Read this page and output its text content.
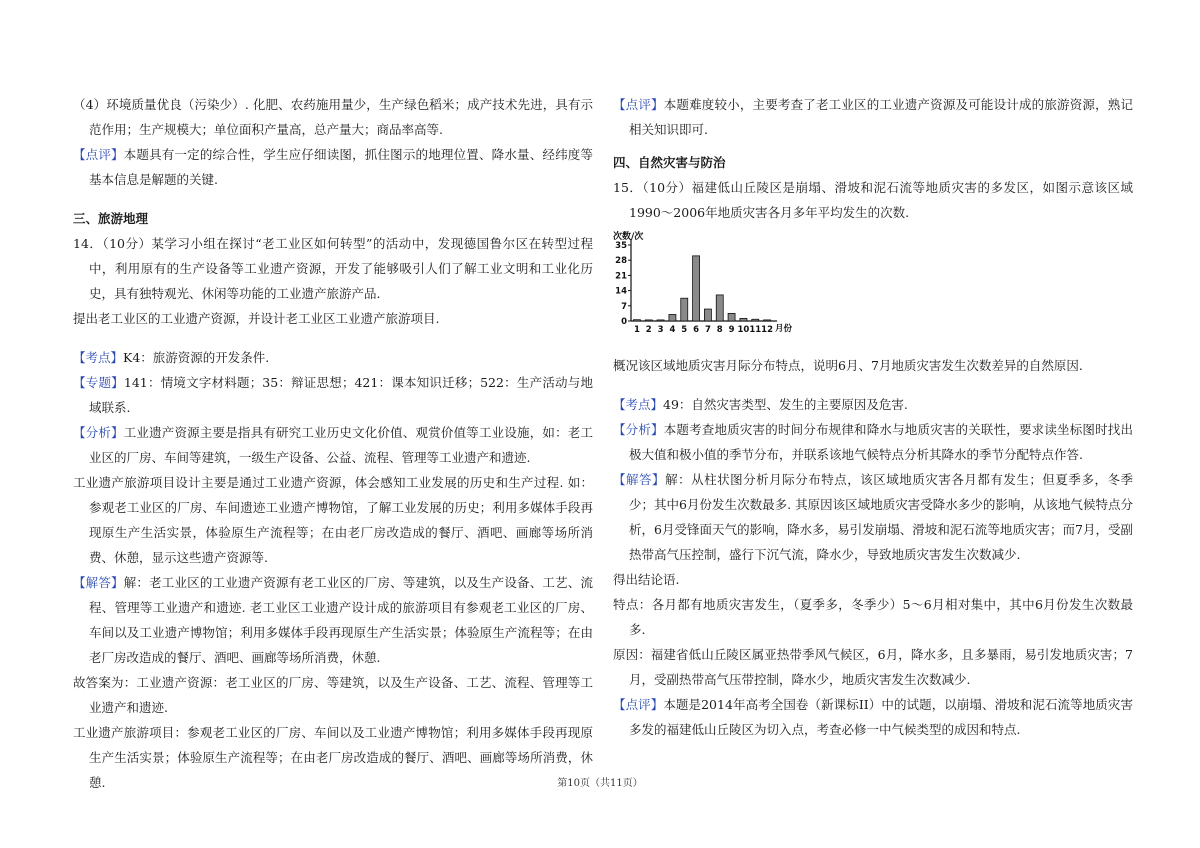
（4）环境质量优良（污染少）. 化肥、农药施用量少，生产绿色稻米；成产技术先进，具有示范作用；生产规模大；单位面积产量高，总产量大；商品率高等.

【点评】本题具有一定的综合性，学生应仔细读图，抓住图示的地理位置、降水量、经纬度等基本信息是解题的关键.

三、旅游地理

14．（10分）某学习小组在探讨“老工业区如何转型”的活动中，发现德国鲁尔区在转型过程中，利用原有的生产设备等工业遗产资源，开发了能够吸引人们了解工业文明和工业化历史，具有独特观光、休闲等功能的工业遗产旅游产品.

提出老工业区的工业遗产资源，并设计老工业区工业遗产旅游项目.

【考点】K4：旅游资源的开发条件.

【专题】141：情境文字材料题；35：辩证思想；421：课本知识迁移；522：生产活动与地域联系.

【分析】工业遗产资源主要是指具有研究工业历史文化价值、观赏价值等工业设施，如：老工业区的厂房、车间等建筑，一级生产设备、公益、流程、管理等工业遗产和遗迹.

工业遗产旅游项目设计主要是通过工业遗产资源，体会感知工业发展的历史和生产过程. 如：参观老工业区的厂房、车间遗迹工业遗产博物馆，了解工业发展的历史；利用多媒体手段再现原生产生活实景，体验原生产流程等；在由老厂房改造成的餐厅、酒吧、画廊等场所消费、休憩，显示这些遗产资源等.

【解答】解：老工业区的工业遗产资源有老工业区的厂房、等建筑，以及生产设备、工艺、流程、管理等工业遗产和遗迹. 老工业区工业遗产设计成的旅游项目有参观老工业区的厂房、车间以及工业遗产博物馆；利用多媒体手段再现原生产生活实景；体验原生产流程等；在由老厂房改造成的餐厅、酒吧、画廊等场所消费，休憩.

故答案为：工业遗产资源：老工业区的厂房、等建筑，以及生产设备、工艺、流程、管理等工业遗产和遗迹.

工业遗产旅游项目：参观老工业区的厂房、车间以及工业遗产博物馆；利用多媒体手段再现原生产生活实景；体验原生产流程等；在由老厂房改造成的餐厅、酒吧、画廊等场所消费，休憩.

【点评】本题难度较小，主要考查了老工业区的工业遗产资源及可能设计成的旅游资源，熟记相关知识即可.

四、自然灾害与防治

15．（10分）福建低山丘陵区是崩塌、滑坡和泥石流等地质灾害的多发区，如图示意该区域1990～2006年地质灾害各月多年平均发生的次数.

次数/次
0
7
14
21
28
35
1 2 3 4 5 6 7 8 9 10 11 12 月份

概况该区域地质灾害月际分布特点，说明6月、7月地质灾害发生次数差异的自然原因.

【考点】49：自然灾害类型、发生的主要原因及危害.

【分析】本题考查地质灾害的时间分布规律和降水与地质灾害的关联性，要求读坐标图时找出极大值和极小值的季节分布，并联系该地气候特点分析其降水的季节分配特点作答.

【解答】解：从柱状图分析月际分布特点，该区域地质灾害各月都有发生；但夏季多，冬季少；其中6月份发生次数最多. 其原因该区域地质灾害受降水多少的影响，从该地气候特点分析，6月受锋面天气的影响，降水多，易引发崩塌、滑坡和泥石流等地质灾害；而7月，受副热带高气压控制，盛行下沉气流，降水少，导致地质灾害发生次数减少.

得出结论语.

特点：各月都有地质灾害发生，（夏季多，冬季少）5～6月相对集中，其中6月份发生次数最多.

原因：福建省低山丘陵区属亚热带季风气候区，6月，降水多，且多暴雨，易引发地质灾害；7月，受副热带高气压带控制，降水少，地质灾害发生次数减少.

【点评】本题是2014年高考全国卷（新课标II）中的试题，以崩塌、滑坡和泥石流等地质灾害多发的福建低山丘陵区为切入点，考查必修一中气候类型的成因和特点.

第10页（共11页）
